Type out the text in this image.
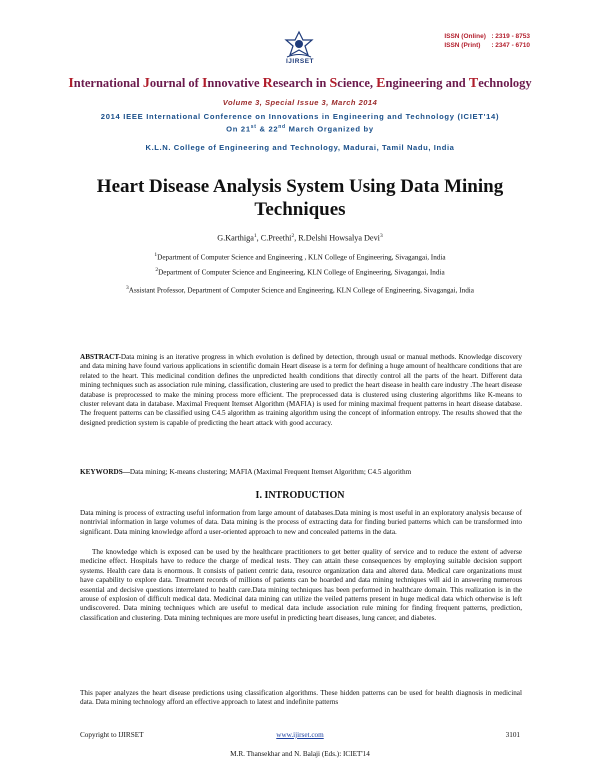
IJIRSET
ISSN (Online) : 2319 - 8753
ISSN (Print) : 2347 - 6710
International Journal of Innovative Research in Science, Engineering and Technology
Volume 3, Special Issue 3, March 2014
2014 IEEE International Conference on Innovations in Engineering and Technology (ICIET'14)
On 21st & 22nd March Organized by
K.L.N. College of Engineering and Technology, Madurai, Tamil Nadu, India
Heart Disease Analysis System Using Data Mining Techniques
G.Karthiga$^1$, C.Preethi$^2$, R.Delshi Howsalya Devi$^3$
$^1$Department of Computer Science and Engineering , KLN College of Engineering, Sivagangai, India
$^2$Department of Computer Science and Engineering, KLN College of Engineering, Sivagangai, India
$^3$Assistant Professor, Department of Computer Science and Engineering, KLN College of Engineering, Sivagangai, India
ABSTRACT-Data mining is an iterative progress in which evolution is defined by detection, through usual or manual methods. Knowledge discovery and data mining have found various applications in scientific domain Heart disease is a term for defining a huge amount of healthcare conditions that are related to the heart. This medicinal condition defines the unpredicted health conditions that directly control all the parts of the heart. Different data mining techniques such as association rule mining, classification, clustering are used to predict the heart disease in health care industry .The heart disease database is preprocessed to make the mining process more efficient. The preprocessed data is clustered using clustering algorithms like K-means to cluster relevant data in database. Maximal Frequent Itemset Algorithm (MAFIA) is used for mining maximal frequent patterns in heart disease database. The frequent patterns can be classified using C4.5 algorithm as training algorithm using the concept of information entropy. The results showed that the designed prediction system is capable of predicting the heart attack with good accuracy.
KEYWORDS—Data mining; K-means clustering; MAFIA (Maximal Frequent Itemset Algorithm; C4.5 algorithm
I. INTRODUCTION
Data mining is process of extracting useful information from large amount of databases.Data mining is most useful in an exploratory analysis because of nontrivial information in large volumes of data. Data mining is the process of extracting data for finding buried patterns which can be transformed into significant. Data mining knowledge afford a user-oriented approach to new and concealed patterns in the data.
The knowledge which is exposed can be used by the healthcare practitioners to get better quality of service and to reduce the extent of adverse medicine effect. Hospitals have to reduce the charge of medical tests. They can attain these consequences by employing suitable decision support systems. Health care data is enormous. It consists of patient centric data, resource organization data and altered data. Medical care organizations must have capability to explore data. Treatment records of millions of patients can be hoarded and data mining techniques will aid in answering numerous essential and decisive questions interrelated to health care.Data mining techniques has been performed in healthcare domain. This realization is in the arouse of explosion of difficult medical data. Medicinal data mining can utilize the veiled patterns present in huge medical data which otherwise is left undiscovered. Data mining techniques which are useful to medical data include association rule mining for finding frequent patterns, prediction, classification and clustering. Data mining techniques are more useful in predicting heart diseases, lung cancer, and diabetes.
This paper analyzes the heart disease predictions using classification algorithms. These hidden patterns can be used for health diagnosis in medicinal data. Data mining technology afford an effective approach to latest and indefinite patterns
Copyright to IJIRSET	www.ijirset.com	3101
M.R. Thansekhar and N. Balaji (Eds.): ICIET'14
